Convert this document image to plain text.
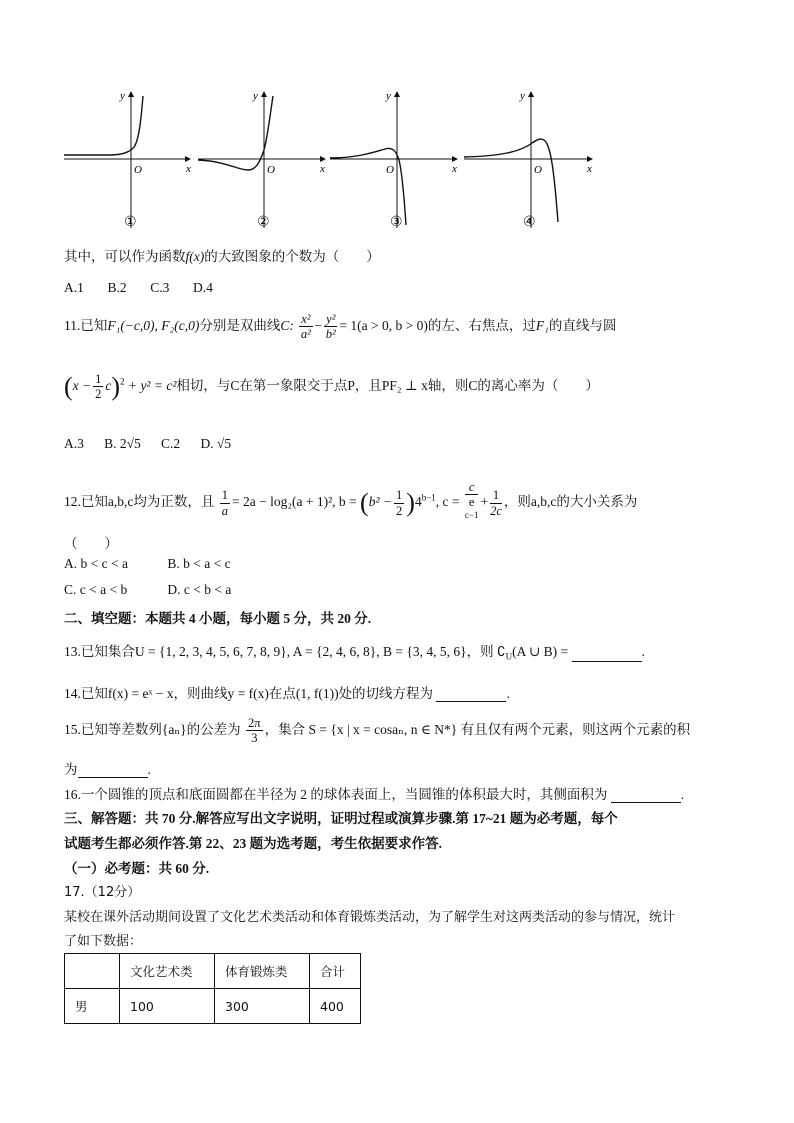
y
x
O
y
x
O
y
x
O
y
x
O
①	②	③	④
其中，可以作为函数f(x)的大致图象的个数为（　　）
A.1 B.2 C.3 D.4
11.已知F₁(−c,0), F₂(c,0)分别是双曲线C: $\frac{\text{x²}}{\text{a²}} - \frac{\text{y²}}{\text{b²}} = 1(a > 0$, b > 0)的左、右焦点，过F₁的直线与圆
$(x - \frac{1}{2} c)^2 + y^2 = c^2$相切，与C在第一象限交于点P，且PF₂ ⊥ x轴，则C的离心率为（　　）
A.3 B. 2√5 C.2 D. √5
12.已知a,b,c均为正数，且 $\frac{1}{a} = 2a - \log_2(a + 1)^2$, $b = (b^2 - \frac{1}{2} )4^{b-1}$, c = c
e
$^{c-1} + \frac{1}{2c}$ ，则a,b,c的大小关系为
（　　）
A. b < c < a	B. b < a < c
C. c < a < b	D. c < b < a
二、填空题：本题共 4 小题，每小题 5 分，共 20 分.
13.已知集合U = {1, 2, 3, 4, 5, 6, 7, 8, 9}, A = {2, 4, 6, 8}, B = {3, 4, 5, 6}，则 $∁_U(A$ ∪ B) =	.
14.已知f(x) = eˣ − x，则曲线y = f(x)在点(1, f(1))处的切线方程为	.
15.已知等差数列{aₙ}的公差为 $\frac{2\pi}{3}$ ，集合 S = {x | x = cosaₙ, n ∈ N*} 有且仅有两个元素，则这两个元素的积
为	.
16.一个圆锥的顶点和底面圆都在半径为 2 的球体表面上，当圆锥的体积最大时，其侧面积为	.
三、解答题：共 70 分.解答应写出文字说明，证明过程或演算步骤.第 17~21 题为必考题，每个
试题考生都必须作答.第 22、23 题为选考题，考生依据要求作答.
（一）必考题：共 60 分.
17.（12分）
某校在课外活动期间设置了文化艺术类活动和体育锻炼类活动，为了解学生对这两类活动的参与情况，统计
了如下数据：
	文化艺术类	体育锻炼类	合计
男	100	300	400
